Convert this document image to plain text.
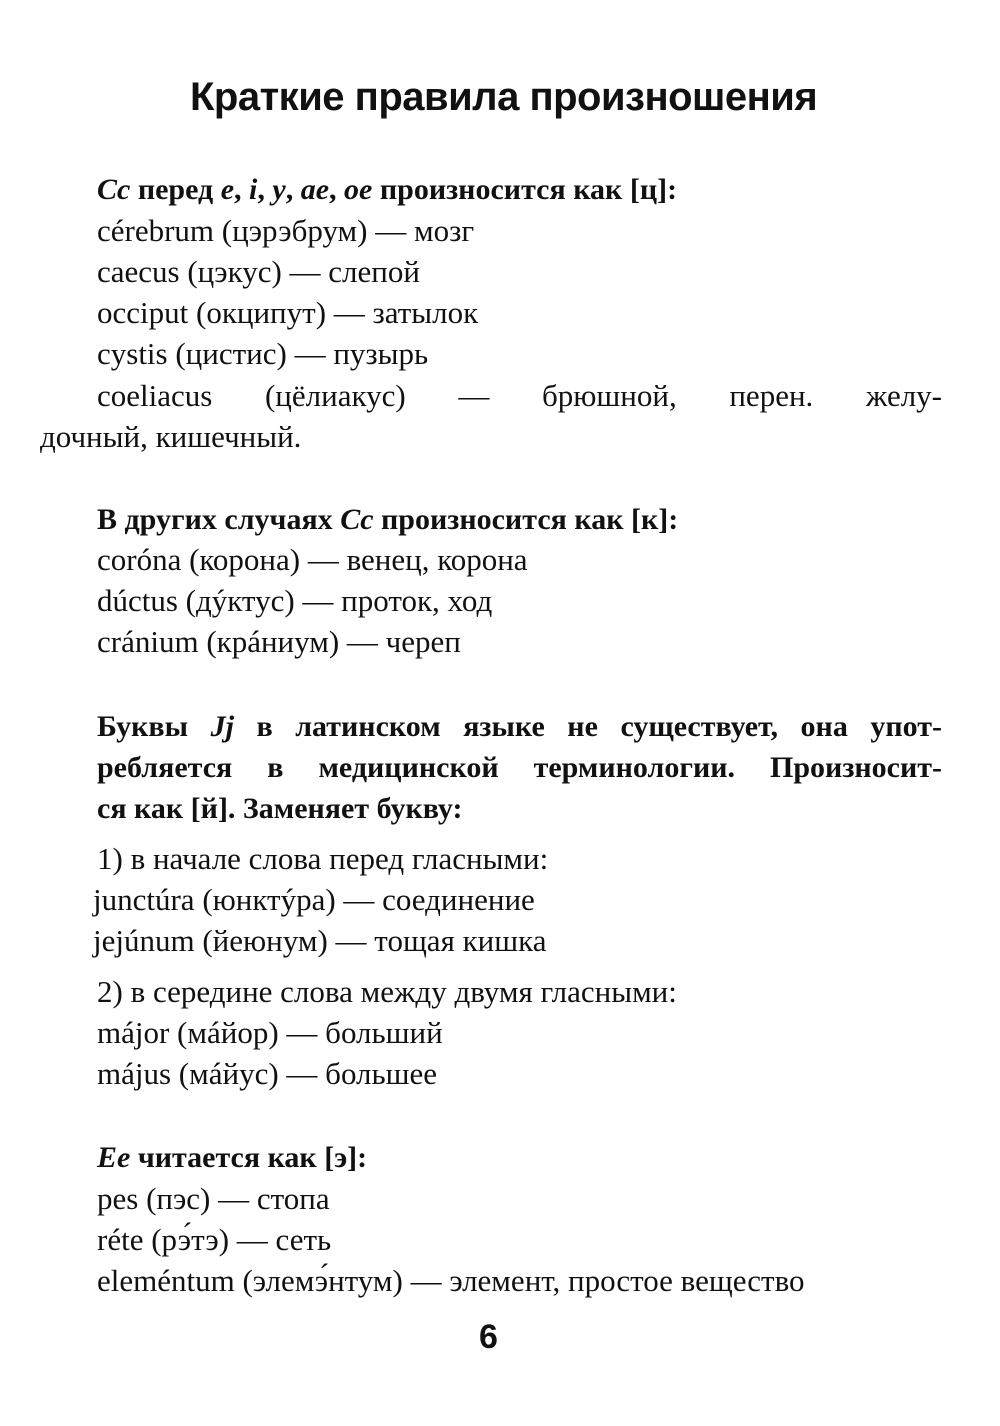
Краткие правила произношения
Cc перед e, i, y, ae, oe произносится как [ц]:
cérebrum (цэрэбрум) — мозг
caecus (цэкус) — слепой
occiput (окципут) — затылок
cystis (цистис) — пузырь
coeliacus (цёлиакус) — брюшной, перен. желу-
дочный, кишечный.
В других случаях Cc произносится как [к]:
coróna (корона) — венец, корона
dúctus (дýктус) — проток, ход
cránium (крáниум) — череп
Буквы Jj в латинском языке не существует, она упот-
ребляется в медицинской терминологии. Произносит-
ся как [й]. Заменяет букву:
1) в начале слова перед гласными:
junctúra (юнктýра) — соединение
jejúnum (йеюнум) — тощая кишка
2) в середине слова между двумя гласными:
májor (мáйор) — больший
május (мáйус) — большее
Ee читается как [э]:
pes (пэс) — стопа
réte (рэ́тэ) — сеть
eleméntum (элемэ́нтум) — элемент, простое вещество
6
